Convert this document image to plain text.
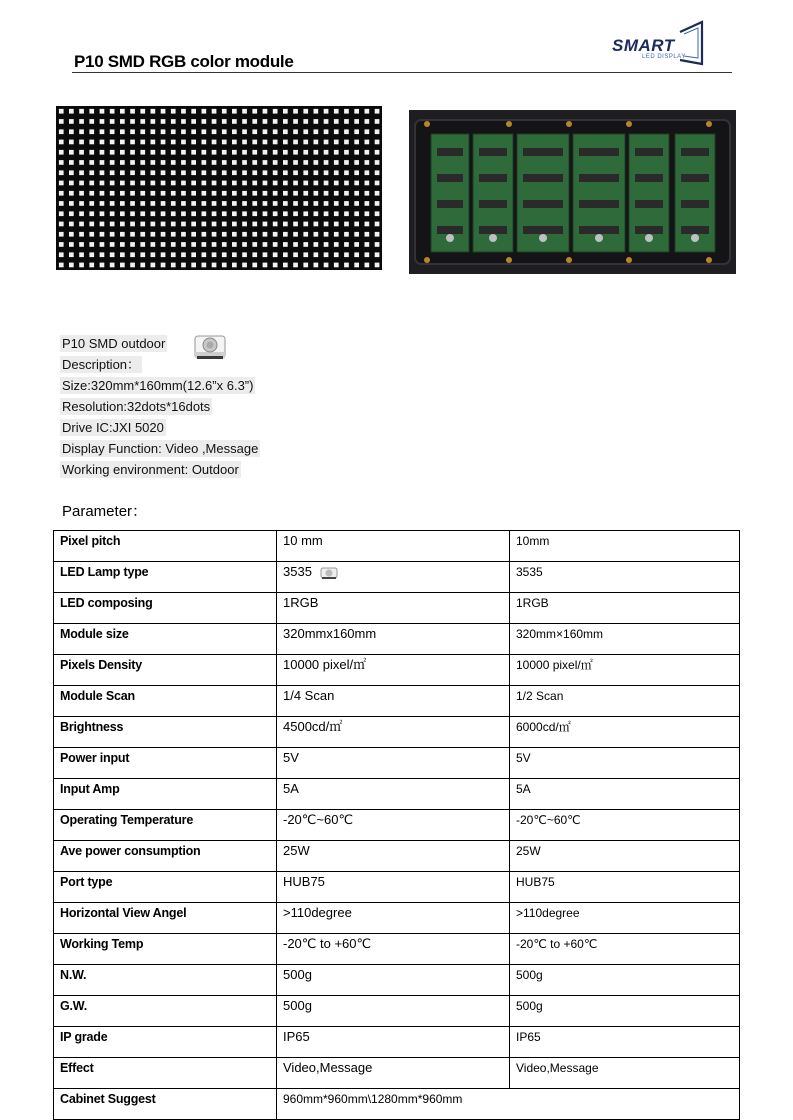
P10 SMD RGB color module
SMART
LED DISPLAY
P10 SMD outdoor
Description：
Size:320mm*160mm(12.6”x 6.3”)
Resolution:32dots*16dots
Drive IC:JXI 5020
Display Function: Video ,Message
Working environment: Outdoor
Parameter：
Pixel pitch	10 mm	10mm
LED Lamp type	3535	3535
LED composing	1RGB	1RGB
Module size	320mmx160mm	320mm×160mm
Pixels Density	10000 pixel/㎡	10000 pixel/㎡
Module Scan	1/4 Scan	1/2 Scan
Brightness	4500cd/㎡	6000cd/㎡
Power input	5V	5V
Input Amp	5A	5A
Operating Temperature	-20℃~60℃	-20℃~60℃
Ave power consumption	25W	25W
Port type	HUB75	HUB75
Horizontal View Angel	>110degree	>110degree
Working Temp	-20℃ to +60℃	-20℃ to +60℃
N.W.	500g	500g
G.W.	500g	500g
IP grade	IP65	IP65
Effect	Video,Message	Video,Message
Cabinet Suggest	960mm*960mm\1280mm*960mm	
